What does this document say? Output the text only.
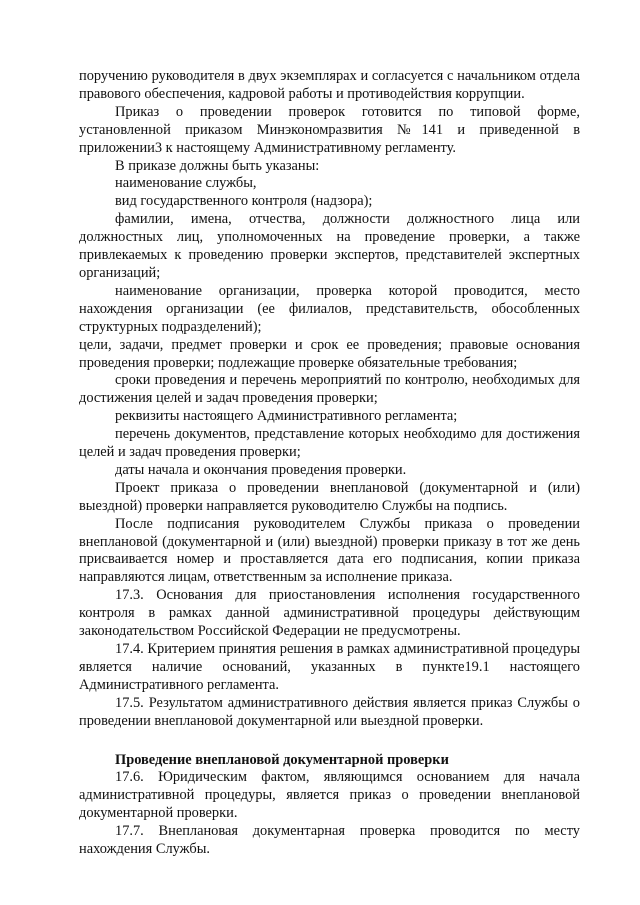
поручению руководителя в двух экземплярах и согласуется с начальником отдела правового обеспечения, кадровой работы и противодействия коррупции.

Приказ о проведении проверок готовится по типовой форме, установленной приказом Минэкономразвития №141 и приведенной в приложении3 к настоящему Административному регламенту.

В приказе должны быть указаны:

наименование службы,

вид государственного контроля (надзора);

фамилии, имена, отчества, должности должностного лица или должностных лиц, уполномоченных на проведение проверки, а также привлекаемых к проведению проверки экспертов, представителей экспертных организаций;

наименование организации, проверка которой проводится, место нахождения организации (ее филиалов, представительств, обособленных структурных подразделений);

цели, задачи, предмет проверки и срок ее проведения; правовые основания проведения проверки; подлежащие проверке обязательные требования;

сроки проведения и перечень мероприятий по контролю, необходимых для достижения целей и задач проведения проверки;

реквизиты настоящего Административного регламента;

перечень документов, представление которых необходимо для достижения целей и задач проведения проверки;

даты начала и окончания проведения проверки.

Проект приказа о проведении внеплановой (документарной и (или) выездной) проверки направляется руководителю Службы на подпись.

После подписания руководителем Службы приказа о проведении внеплановой (документарной и (или) выездной) проверки приказу в тот же день присваивается номер и проставляется дата его подписания, копии приказа направляются лицам, ответственным за исполнение приказа.

17.3. Основания для приостановления исполнения государственного контроля в рамках данной административной процедуры действующим законодательством Российской Федерации не предусмотрены.

17.4. Критерием принятия решения в рамках административной процедуры является наличие оснований, указанных в пункте19.1 настоящего Административного регламента.

17.5. Результатом административного действия является приказ Службы о проведении внеплановой документарной или выездной проверки.

Проведение внеплановой документарной проверки

17.6. Юридическим фактом, являющимся основанием для начала административной процедуры, является приказ о проведении внеплановой документарной проверки.

17.7. Внеплановая документарная проверка проводится по месту нахождения Службы.
